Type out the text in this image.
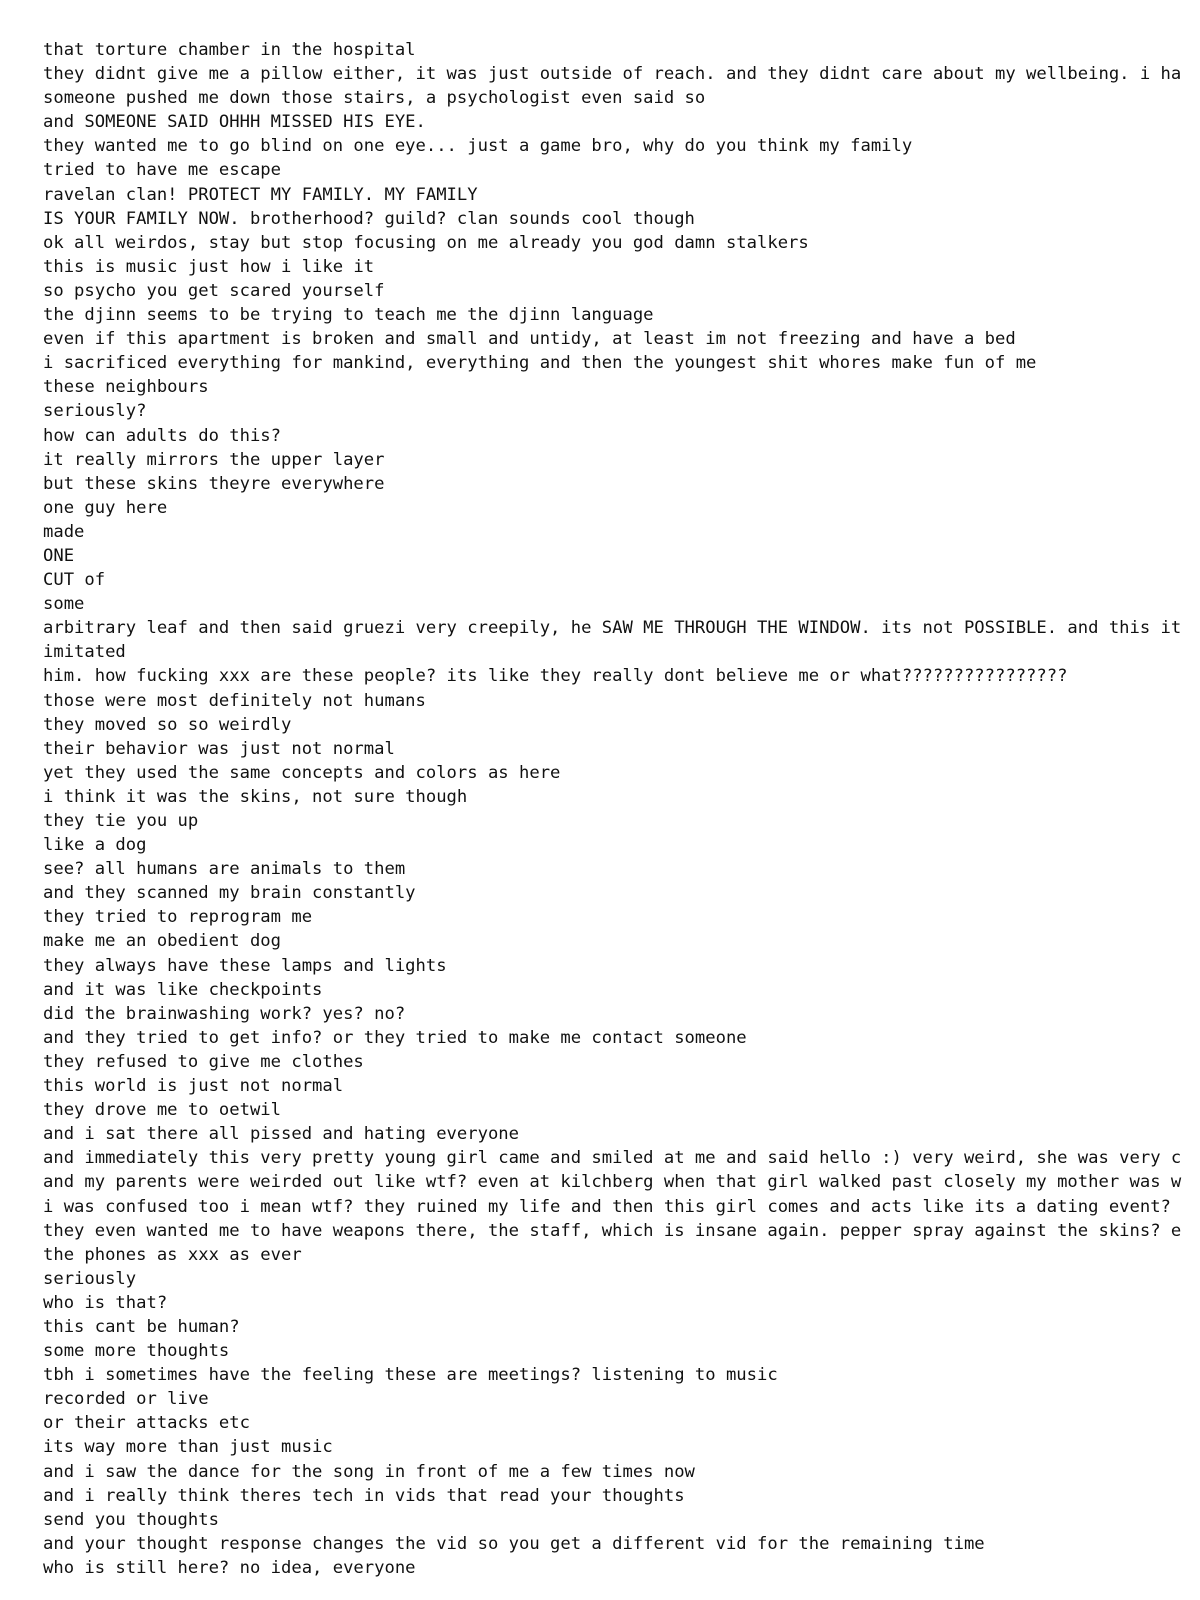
that torture chamber in the hospital
they didnt give me a pillow either, it was just outside of reach. and they didnt care about my wellbeing. i ha
someone pushed me down those stairs, a psychologist even said so
and SOMEONE SAID OHHH MISSED HIS EYE.
they wanted me to go blind on one eye... just a game bro, why do you think my family
tried to have me escape
ravelan clan! PROTECT MY FAMILY. MY FAMILY
IS YOUR FAMILY NOW. brotherhood? guild? clan sounds cool though
ok all weirdos, stay but stop focusing on me already you god damn stalkers
this is music just how i like it
so psycho you get scared yourself
the djinn seems to be trying to teach me the djinn language
even if this apartment is broken and small and untidy, at least im not freezing and have a bed
i sacrificed everything for mankind, everything and then the youngest shit whores make fun of me
these neighbours
seriously?
how can adults do this?
it really mirrors the upper layer
but these skins theyre everywhere
one guy here
made
ONE
CUT of
some
arbitrary leaf and then said gruezi very creepily, he SAW ME THROUGH THE WINDOW. its not POSSIBLE. and this it
imitated
him. how fucking xxx are these people? its like they really dont believe me or what????????????????
those were most definitely not humans
they moved so so weirdly
their behavior was just not normal
yet they used the same concepts and colors as here
i think it was the skins, not sure though
they tie you up
like a dog
see? all humans are animals to them
and they scanned my brain constantly
they tried to reprogram me
make me an obedient dog
they always have these lamps and lights
and it was like checkpoints
did the brainwashing work? yes? no?
and they tried to get info? or they tried to make me contact someone
they refused to give me clothes
this world is just not normal
they drove me to oetwil
and i sat there all pissed and hating everyone
and immediately this very pretty young girl came and smiled at me and said hello :) very weird, she was very c
and my parents were weirded out like wtf? even at kilchberg when that girl walked past closely my mother was w
i was confused too i mean wtf? they ruined my life and then this girl comes and acts like its a dating event?
they even wanted me to have weapons there, the staff, which is insane again. pepper spray against the skins? e
the phones as xxx as ever
seriously
who is that?
this cant be human?
some more thoughts
tbh i sometimes have the feeling these are meetings? listening to music
recorded or live
or their attacks etc
its way more than just music
and i saw the dance for the song in front of me a few times now
and i really think theres tech in vids that read your thoughts
send you thoughts
and your thought response changes the vid so you get a different vid for the remaining time
who is still here? no idea, everyone
